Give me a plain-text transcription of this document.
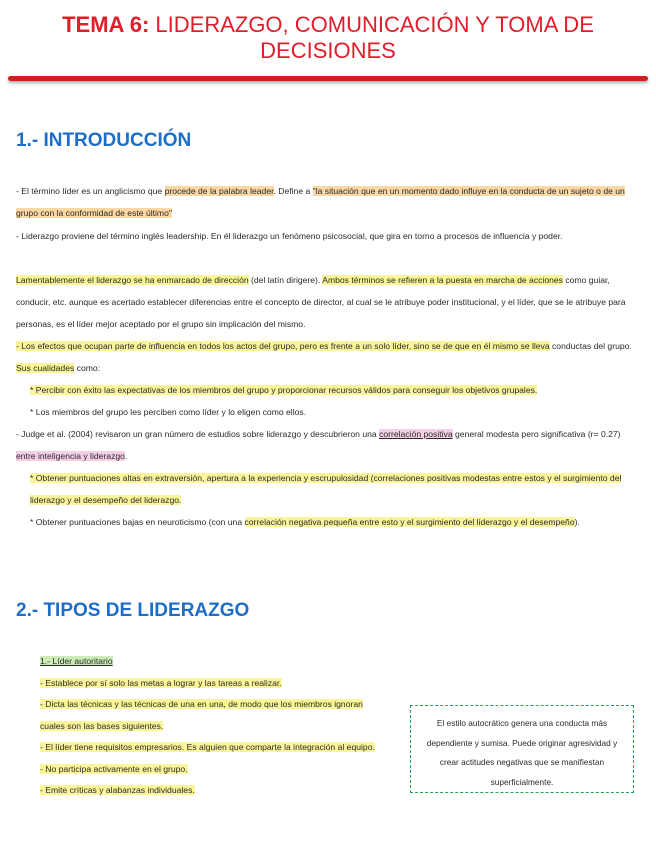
TEMA 6: LIDERAZGO, COMUNICACIÓN Y TOMA DE DECISIONES
1.- INTRODUCCIÓN
- El término líder es un anglicismo que procede de la palabra leader. Define a "la situación que en un momento dado influye en la conducta de un sujeto o de un grupo con la conformidad de este último"
- Liderazgo proviene del término inglés leadership. En él liderazgo un fenómeno psicosocial, que gira en torno a procesos de influencia y poder.
Lamentablemente el liderazgo se ha enmarcado de dirección (del latín dirigere). Ambos términos se refieren a la puesta en marcha de acciones como guiar, conducir, etc. aunque es acertado establecer diferencias entre el concepto de director, al cual se le atribuye poder institucional, y el líder, que se le atribuye para personas, es el líder mejor aceptado por el grupo sin implicación del mismo.
- Los efectos que ocupan parte de influencia en todos los actos del grupo, pero es frente a un solo líder, sino se de que en él mismo se lleva conductas del grupo. Sus cualidades como:
* Percibir con éxito las expectativas de los miembros del grupo y proporcionar recursos válidos para conseguir los objetivos grupales.
* Los miembros del grupo les perciben como líder y lo eligen como ellos.
- Judge et al. (2004) revisaron un gran número de estudios sobre liderazgo y descubrieron una correlación positiva general modesta pero significativa (r= 0.27) entre inteligencia y liderazgo.
* Obtener puntuaciones altas en extraversión, apertura a la experiencia y escrupulosidad (correlaciones positivas modestas entre estos y el surgimiento del liderazgo y el desempeño del liderazgo.
* Obtener puntuaciones bajas en neuroticismo (con una correlación negativa pequeña entre esto y el surgimiento del liderazgo y el desempeño).
2.- TIPOS DE LIDERAZGO
1.- Líder autoritario
- Establece por sí solo las metas a lograr y las tareas a realizar.
- Dicta las técnicas y las técnicas de una en una, de modo que los miembros ignoran cuales son las bases siguientes.
- El líder tiene requisitos empresarios. Es alguien que comparte la integración al equipo.
- No participa activamente en el grupo.
- Emite críticas y alabanzas individuales.
El estilo autocrático genera una conducta más dependiente y sumisa. Puede originar agresividad y crear actitudes negativas que se manifiestan superficialmente.
